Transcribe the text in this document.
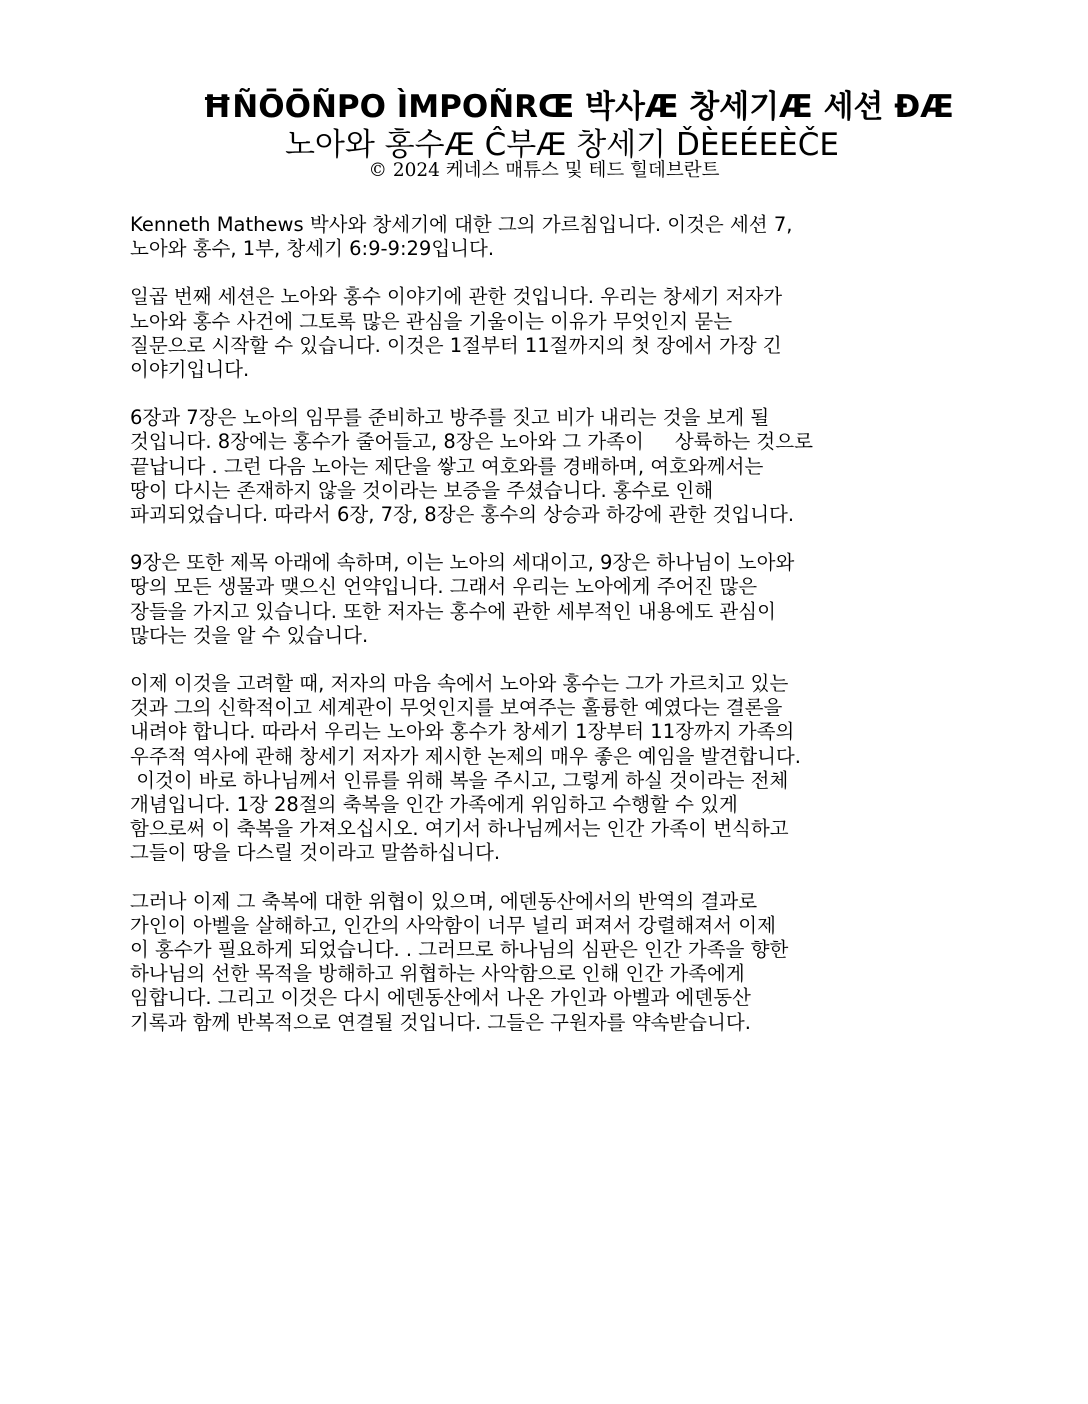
ĦÑŌŌÑPO ÌMPOÑRŒ 박사Æ 창세기Æ 세션 ĐÆ
노아와 홍수Æ Ĉ부Æ 창세기 ĎÈEÉEÈČE
© 2024 케네스 매튜스 및 테드 힐데브란트

Kenneth Mathews 박사와 창세기에 대한 그의 가르침입니다. 이것은 세션 7,
노아와 홍수, 1부, 창세기 6:9-9:29입니다.

일곱 번째 세션은 노아와 홍수 이야기에 관한 것입니다. 우리는 창세기 저자가
노아와 홍수 사건에 그토록 많은 관심을 기울이는 이유가 무엇인지 묻는
질문으로 시작할 수 있습니다. 이것은 1절부터 11절까지의 첫 장에서 가장 긴
이야기입니다.

6장과 7장은 노아의 임무를 준비하고 방주를 짓고 비가 내리는 것을 보게 될
것입니다. 8장에는 홍수가 줄어들고, 8장은 노아와 그 가족이     상륙하는 것으로
끝납니다 . 그런 다음 노아는 제단을 쌓고 여호와를 경배하며, 여호와께서는
땅이 다시는 존재하지 않을 것이라는 보증을 주셨습니다. 홍수로 인해
파괴되었습니다. 따라서 6장, 7장, 8장은 홍수의 상승과 하강에 관한 것입니다.

9장은 또한 제목 아래에 속하며, 이는 노아의 세대이고, 9장은 하나님이 노아와
땅의 모든 생물과 맺으신 언약입니다. 그래서 우리는 노아에게 주어진 많은
장들을 가지고 있습니다. 또한 저자는 홍수에 관한 세부적인 내용에도 관심이
많다는 것을 알 수 있습니다.

이제 이것을 고려할 때, 저자의 마음 속에서 노아와 홍수는 그가 가르치고 있는
것과 그의 신학적이고 세계관이 무엇인지를 보여주는 훌륭한 예였다는 결론을
내려야 합니다. 따라서 우리는 노아와 홍수가 창세기 1장부터 11장까지 가족의
우주적 역사에 관해 창세기 저자가 제시한 논제의 매우 좋은 예임을 발견합니다.
이것이 바로 하나님께서 인류를 위해 복을 주시고, 그렇게 하실 것이라는 전체
개념입니다. 1장 28절의 축복을 인간 가족에게 위임하고 수행할 수 있게
함으로써 이 축복을 가져오십시오. 여기서 하나님께서는 인간 가족이 번식하고
그들이 땅을 다스릴 것이라고 말씀하십니다.

그러나 이제 그 축복에 대한 위협이 있으며, 에덴동산에서의 반역의 결과로
가인이 아벨을 살해하고, 인간의 사악함이 너무 널리 퍼져서 강렬해져서 이제
이 홍수가 필요하게 되었습니다. . 그러므로 하나님의 심판은 인간 가족을 향한
하나님의 선한 목적을 방해하고 위협하는 사악함으로 인해 인간 가족에게
임합니다. 그리고 이것은 다시 에덴동산에서 나온 가인과 아벨과 에덴동산
기록과 함께 반복적으로 연결될 것입니다. 그들은 구원자를 약속받습니다.
